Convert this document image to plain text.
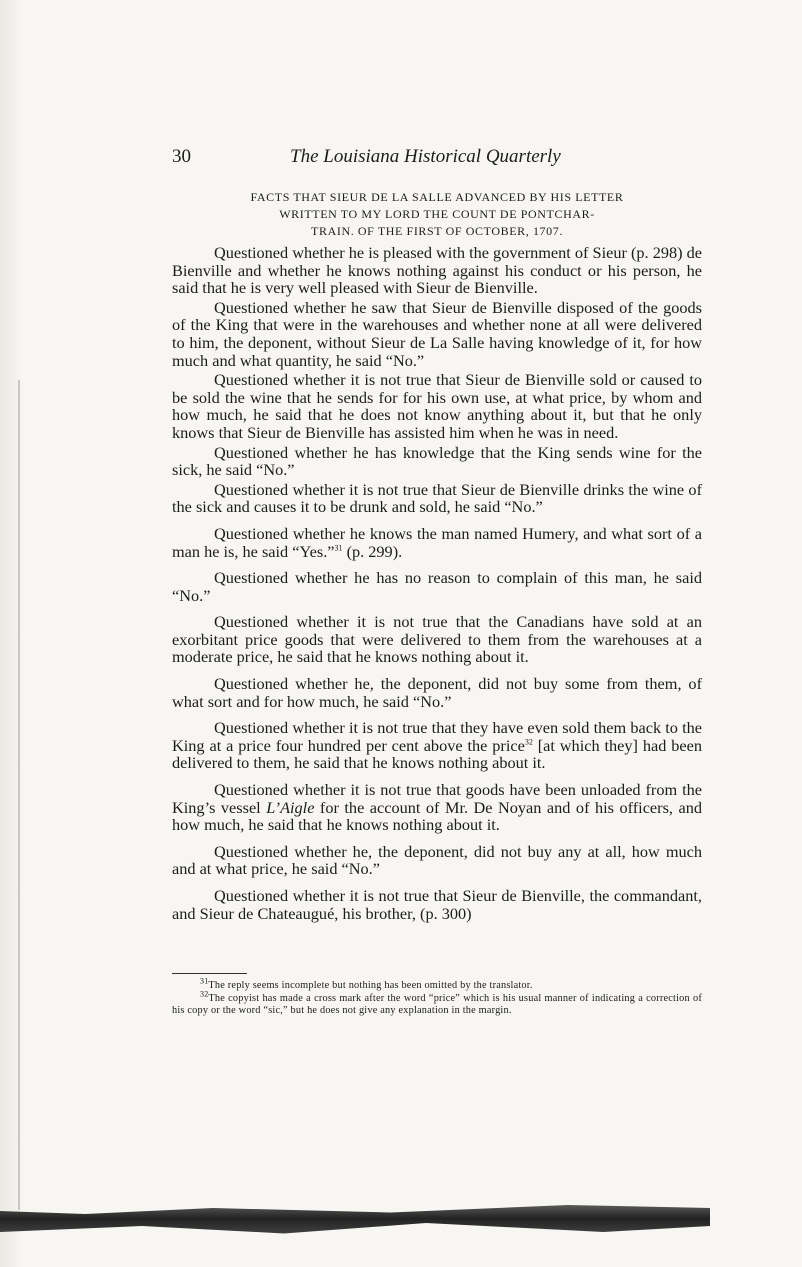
30	The Louisiana Historical Quarterly
FACTS THAT SIEUR DE LA SALLE ADVANCED BY HIS LETTER
WRITTEN TO MY LORD THE COUNT DE PONTCHAR-
TRAIN. OF THE FIRST OF OCTOBER, 1707.

Questioned whether he is pleased with the government of Sieur (p. 298) de Bienville and whether he knows nothing against his conduct or his person, he said that he is very well pleased with Sieur de Bienville.

Questioned whether he saw that Sieur de Bienville disposed of the goods of the King that were in the warehouses and whether none at all were delivered to him, the deponent, without Sieur de La Salle having knowledge of it, for how much and what quantity, he said “No.”

Questioned whether it is not true that Sieur de Bienville sold or caused to be sold the wine that he sends for for his own use, at what price, by whom and how much, he said that he does not know anything about it, but that he only knows that Sieur de Bienville has assisted him when he was in need.

Questioned whether he has knowledge that the King sends wine for the sick, he said “No.”

Questioned whether it is not true that Sieur de Bienville drinks the wine of the sick and causes it to be drunk and sold, he said “No.”

Questioned whether he knows the man named Humery, and what sort of a man he is, he said “Yes.”$^{31}$ (p. 299).

Questioned whether he has no reason to complain of this man, he said “No.”

Questioned whether it is not true that the Canadians have sold at an exorbitant price goods that were delivered to them from the warehouses at a moderate price, he said that he knows nothing about it.

Questioned whether he, the deponent, did not buy some from them, of what sort and for how much, he said “No.”

Questioned whether it is not true that they have even sold them back to the King at a price four hundred per cent above the price$^{32}$ [at which they] had been delivered to them, he said that he knows nothing about it.

Questioned whether it is not true that goods have been unloaded from the King’s vessel L’Aigle for the account of Mr. De Noyan and of his officers, and how much, he said that he knows nothing about it.

Questioned whether he, the deponent, did not buy any at all, how much and at what price, he said “No.”

Questioned whether it is not true that Sieur de Bienville, the commandant, and Sieur de Chateaugué, his brother, (p. 300)

$^{31}$The reply seems incomplete but nothing has been omitted by the translator.

$^{32}$The copyist has made a cross mark after the word “price” which is his usual manner of indicating a correction of his copy or the word “sic,” but he does not give any explanation in the margin.
